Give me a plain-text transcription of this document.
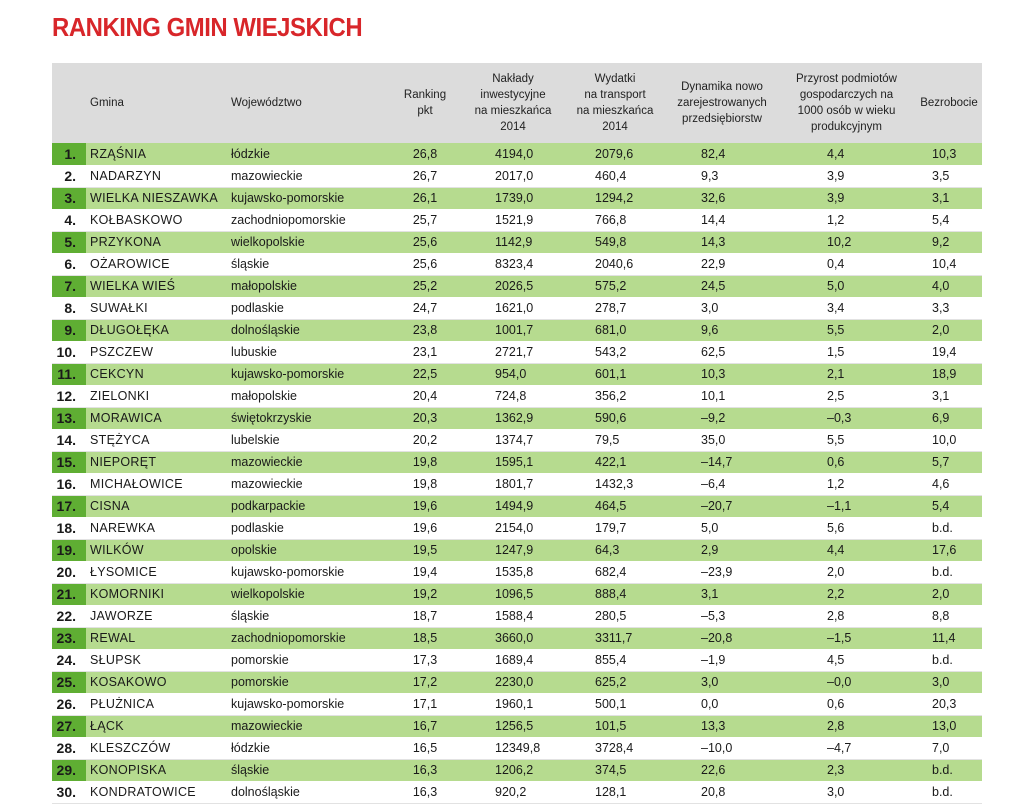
RANKING GMIN WIEJSKICH
	Gmina	Województwo	Ranking
pkt	Nakłady
inwestycyjne
na mieszkańca
2014	Wydatki
na transport
na mieszkańca
2014	Dynamika nowo
zarejestrowanych
przedsiębiorstw	Przyrost podmiotów
gospodarczych na
1000 osób w wieku
produkcyjnym	Bezrobocie
1.	RZĄŚNIA	łódzkie	26,8	4194,0	2079,6	82,4	4,4	10,3
2.	NADARZYN	mazowieckie	26,7	2017,0	460,4	9,3	3,9	3,5
3.	WIELKA NIESZAWKA	kujawsko-pomorskie	26,1	1739,0	1294,2	32,6	3,9	3,1
4.	KOŁBASKOWO	zachodniopomorskie	25,7	1521,9	766,8	14,4	1,2	5,4
5.	PRZYKONA	wielkopolskie	25,6	1142,9	549,8	14,3	10,2	9,2
6.	OŻAROWICE	śląskie	25,6	8323,4	2040,6	22,9	0,4	10,4
7.	WIELKA WIEŚ	małopolskie	25,2	2026,5	575,2	24,5	5,0	4,0
8.	SUWAŁKI	podlaskie	24,7	1621,0	278,7	3,0	3,4	3,3
9.	DŁUGOŁĘKA	dolnośląskie	23,8	1001,7	681,0	9,6	5,5	2,0
10.	PSZCZEW	lubuskie	23,1	2721,7	543,2	62,5	1,5	19,4
11.	CEKCYN	kujawsko-pomorskie	22,5	954,0	601,1	10,3	2,1	18,9
12.	ZIELONKI	małopolskie	20,4	724,8	356,2	10,1	2,5	3,1
13.	MORAWICA	świętokrzyskie	20,3	1362,9	590,6	–9,2	–0,3	6,9
14.	STĘŻYCA	lubelskie	20,2	1374,7	79,5	35,0	5,5	10,0
15.	NIEPORĘT	mazowieckie	19,8	1595,1	422,1	–14,7	0,6	5,7
16.	MICHAŁOWICE	mazowieckie	19,8	1801,7	1432,3	–6,4	1,2	4,6
17.	CISNA	podkarpackie	19,6	1494,9	464,5	–20,7	–1,1	5,4
18.	NAREWKA	podlaskie	19,6	2154,0	179,7	5,0	5,6	b.d.
19.	WILKÓW	opolskie	19,5	1247,9	64,3	2,9	4,4	17,6
20.	ŁYSOMICE	kujawsko-pomorskie	19,4	1535,8	682,4	–23,9	2,0	b.d.
21.	KOMORNIKI	wielkopolskie	19,2	1096,5	888,4	3,1	2,2	2,0
22.	JAWORZE	śląskie	18,7	1588,4	280,5	–5,3	2,8	8,8
23.	REWAL	zachodniopomorskie	18,5	3660,0	3311,7	–20,8	–1,5	11,4
24.	SŁUPSK	pomorskie	17,3	1689,4	855,4	–1,9	4,5	b.d.
25.	KOSAKOWO	pomorskie	17,2	2230,0	625,2	3,0	–0,0	3,0
26.	PŁUŻNICA	kujawsko-pomorskie	17,1	1960,1	500,1	0,0	0,6	20,3
27.	ŁĄCK	mazowieckie	16,7	1256,5	101,5	13,3	2,8	13,0
28.	KLESZCZÓW	łódzkie	16,5	12349,8	3728,4	–10,0	–4,7	7,0
29.	KONOPISKA	śląskie	16,3	1206,2	374,5	22,6	2,3	b.d.
30.	KONDRATOWICE	dolnośląskie	16,3	920,2	128,1	20,8	3,0	b.d.
